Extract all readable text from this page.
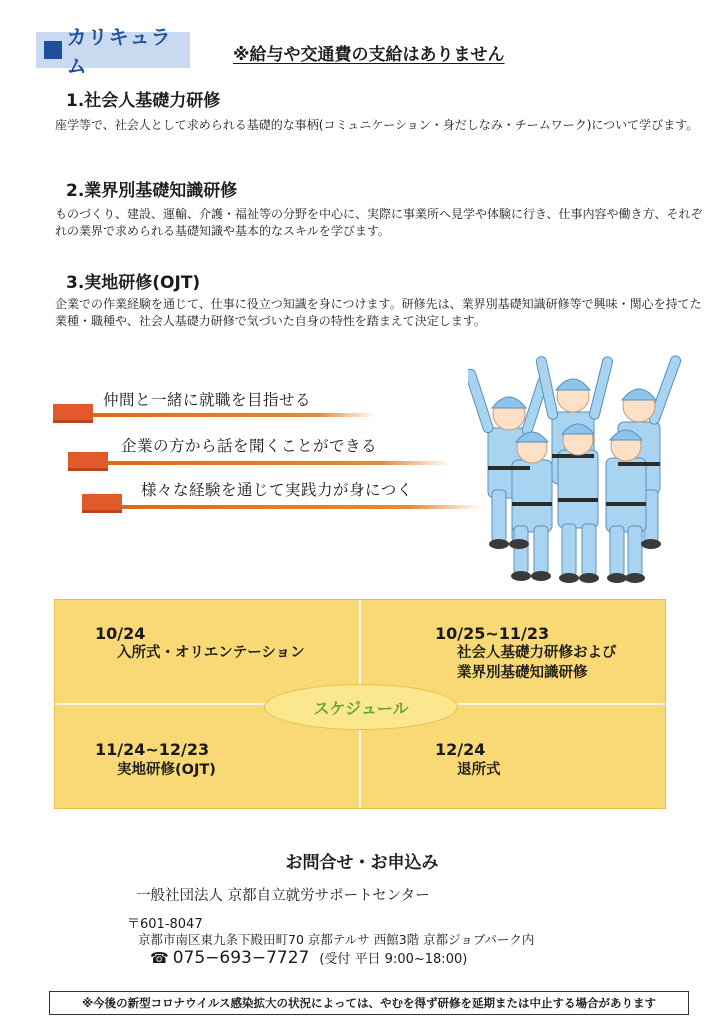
カリキュラム	※給与や交通費の支給はありません
1.社会人基礎力研修
座学等で、社会人として求められる基礎的な事柄(コミュニケーション・身だしなみ・チームワーク)について学びます。
2.業界別基礎知識研修
ものづくり、建設、運輸、介護・福祉等の分野を中心に、実際に事業所へ見学や体験に行き、仕事内容や働き方、それぞれの業界で求められる基礎知識や基本的なスキルを学びます。
3.実地研修(OJT)
企業での作業経験を通じて、仕事に役立つ知識を身につけます。研修先は、業界別基礎知識研修等で興味・関心を持てた業種・職種や、社会人基礎力研修で気づいた自身の特性を踏まえて決定します。
仲間と一緒に就職を目指せる
企業の方から話を聞くことができる
様々な経験を通じて実践力が身につく
10/24
入所式・オリエンテーション
10/25~11/23
社会人基礎力研修および
業界別基礎知識研修
11/24~12/23
実地研修(OJT)
12/24
退所式
スケジュール
お問合せ・お申込み
一般社団法人 京都自立就労サポートセンター
〒601-8047
京都市南区東九条下殿田町70 京都テルサ 西館3階 京都ジョブパーク内
☎ 075−693−7727 (受付 平日 9:00~18:00)
※今後の新型コロナウイルス感染拡大の状況によっては、やむを得ず研修を延期または中止する場合があります
